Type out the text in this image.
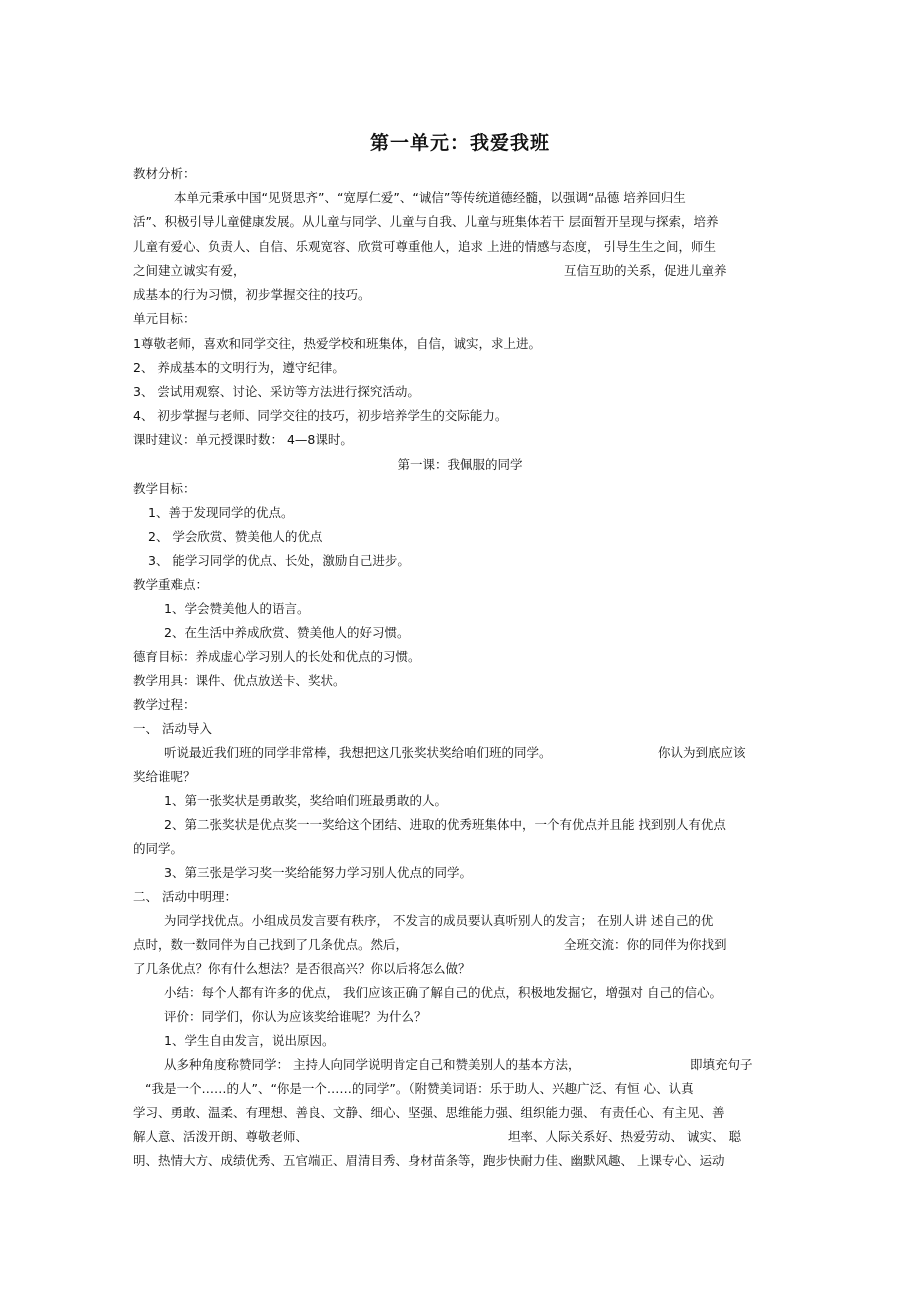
第一单元：我爱我班
教材分析：
本单元秉承中国“见贤思齐”、“宽厚仁爱”、“诚信”等传统道德经髓，以强调“品德 培养回归生
活”、积极引导儿童健康发展。从儿童与同学、儿童与自我、儿童与班集体若干 层面暂开呈现与探索，培养
儿童有爱心、负责人、自信、乐观宽容、欣赏可尊重他人，追求 上进的情感与态度， 引导生生之间，师生
之间建立诚实有爱，	互信互助的关系，促进儿童养
成基本的行为习惯，初步掌握交往的技巧。
单元目标：
1尊敬老师，喜欢和同学交往，热爱学校和班集体，自信，诚实，求上进。
2、 养成基本的文明行为，遵守纪律。
3、 尝试用观察、讨论、采访等方法进行探究活动。
4、 初步掌握与老师、同学交往的技巧，初步培养学生的交际能力。
课时建议：单元授课时数： 4—8课时。
第一课：我佩服的同学
教学目标：
1、善于发现同学的优点。
2、 学会欣赏、赞美他人的优点
3、 能学习同学的优点、长处，激励自己进步。
教学重难点：
1、学会赞美他人的语言。
2、在生活中养成欣赏、赞美他人的好习惯。
德育目标：养成虚心学习别人的长处和优点的习惯。
教学用具：课件、优点放送卡、奖状。
教学过程：
一、 活动导入
听说最近我们班的同学非常棒，我想把这几张奖状奖给咱们班的同学。	你认为到底应该
奖给谁呢？
1、第一张奖状是勇敢奖，奖给咱们班最勇敢的人。
2、第二张奖状是优点奖一一奖给这个团结、进取的优秀班集体中，一个有优点并且能 找到别人有优点
的同学。
3、第三张是学习奖一奖给能努力学习别人优点的同学。
二、 活动中明理：
为同学找优点。小组成员发言要有秩序， 不发言的成员要认真听别人的发言； 在别人讲 述自己的优
点时，数一数同伴为自己找到了几条优点。然后，	全班交流：你的同伴为你找到
了几条优点？你有什么想法？是否很高兴？你以后将怎么做？
小结：每个人都有许多的优点， 我们应该正确了解自己的优点，积极地发掘它，增强对 自己的信心。
评价：同学们，你认为应该奖给谁呢？为什么？
1、学生自由发言，说出原因。
从多种角度称赞同学： 主持人向同学说明肯定自己和赞美别人的基本方法，	即填充句子
“我是一个……的人”、“你是一个……的同学”。（附赞美词语：乐于助人、兴趣广泛、有恒 心、认真
学习、勇敢、温柔、有理想、善良、文静、细心、坚强、思维能力强、组织能力强、 有责任心、有主见、善
解人意、活泼开朗、尊敬老师、	坦率、人际关系好、热爱劳动、 诚实、 聪
明、热情大方、成绩优秀、五官端正、眉清目秀、身材苗条等，跑步快耐力佳、幽默风趣、 上课专心、运动
